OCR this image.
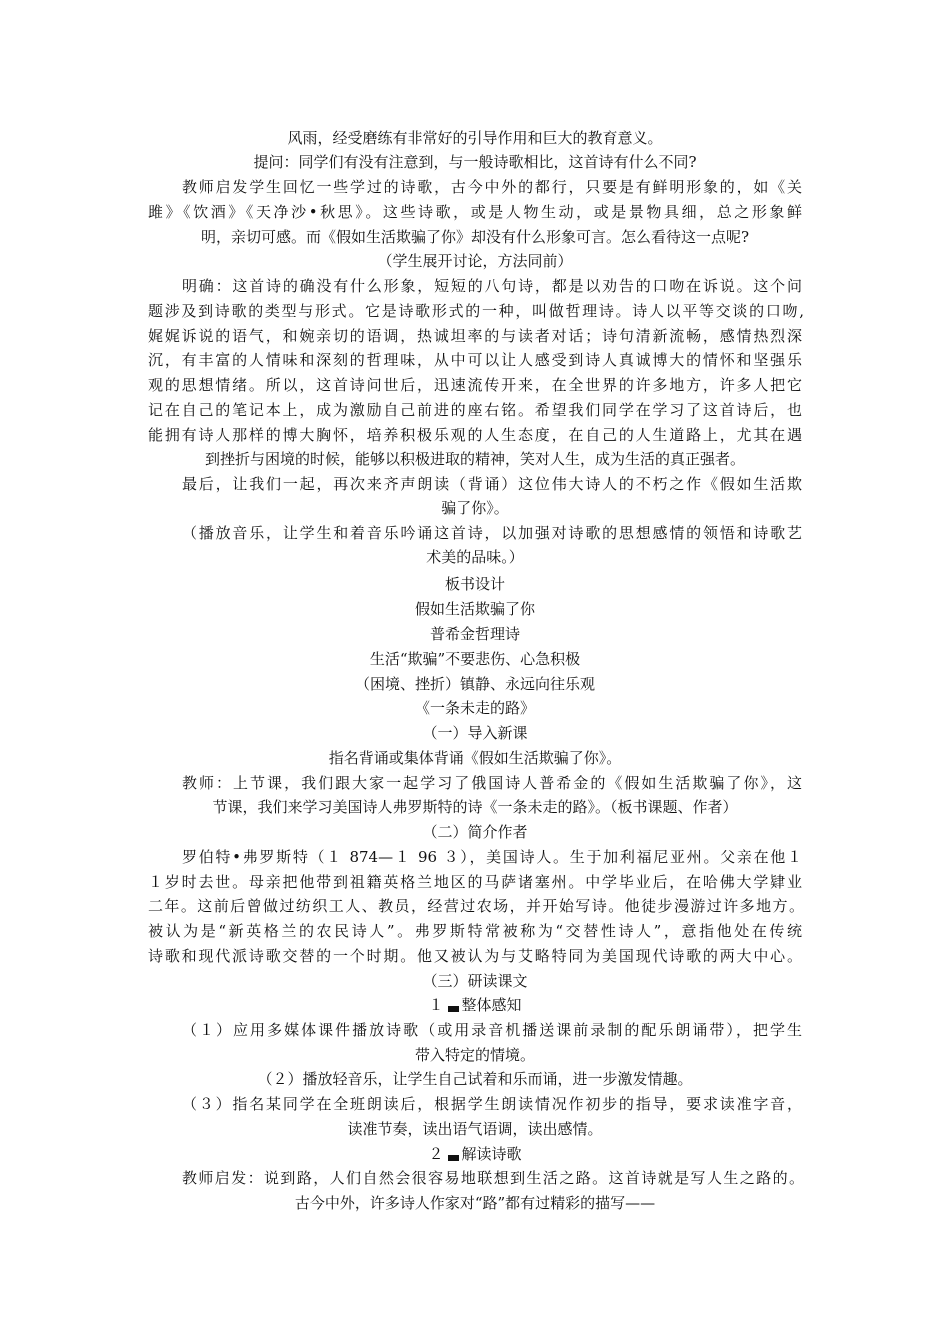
风雨，经受磨练有非常好的引导作用和巨大的教育意义。
提问：同学们有没有注意到，与一般诗歌相比，这首诗有什么不同?
教师启发学生回忆一些学过的诗歌，古今中外的都行，只要是有鲜明形象的，如《关
雎》《饮酒》《天净沙•秋思》。这些诗歌，或是人物生动，或是景物具细，总之形象鲜
明，亲切可感。而《假如生活欺骗了你》却没有什么形象可言。怎么看待这一点呢?
（学生展开讨论，方法同前）
明确：这首诗的确没有什么形象，短短的八句诗，都是以劝告的口吻在诉说。这个问
题涉及到诗歌的类型与形式。它是诗歌形式的一种，叫做哲理诗。诗人以平等交谈的口吻,
娓娓诉说的语气，和婉亲切的语调，热诚坦率的与读者对话；诗句清新流畅，感情热烈深
沉，有丰富的人情味和深刻的哲理味，从中可以让人感受到诗人真诚博大的情怀和坚强乐
观的思想情绪。所以，这首诗问世后，迅速流传开来，在全世界的许多地方，许多人把它
记在自己的笔记本上，成为激励自己前进的座右铭。希望我们同学在学习了这首诗后，也
能拥有诗人那样的博大胸怀，培养积极乐观的人生态度，在自己的人生道路上，尤其在遇
到挫折与困境的时候，能够以积极进取的精神，笑对人生，成为生活的真正强者。
最后，让我们一起，再次来齐声朗读（背诵）这位伟大诗人的不朽之作《假如生活欺
骗了你》。
（播放音乐，让学生和着音乐吟诵这首诗，以加强对诗歌的思想感情的领悟和诗歌艺
术美的品味。）
板书设计
假如生活欺骗了你
普希金哲理诗
生活“欺骗”不要悲伤、心急积极
（困境、挫折）镇静、永远向往乐观
《一条未走的路》
（一）导入新课
指名背诵或集体背诵《假如生活欺骗了你》。
教师：上节课，我们跟大家一起学习了俄国诗人普希金的《假如生活欺骗了你》，这
节课，我们来学习美国诗人弗罗斯特的诗《一条未走的路》。（板书课题、作者）
（二）简介作者
罗伯特•弗罗斯特（１ 874—１ 96 ３），美国诗人。生于加利福尼亚州。父亲在他１
１岁时去世。母亲把他带到祖籍英格兰地区的马萨诸塞州。中学毕业后，在哈佛大学肄业
二年。这前后曾做过纺织工人、教员，经营过农场，并开始写诗。他徒步漫游过许多地方。
被认为是“新英格兰的农民诗人”。弗罗斯特常被称为“交替性诗人”，意指他处在传统
诗歌和现代派诗歌交替的一个时期。他又被认为与艾略特同为美国现代诗歌的两大中心。
（三）研读课文
１ 整体感知
（１）应用多媒体课件播放诗歌（或用录音机播送课前录制的配乐朗诵带），把学生
带入特定的情境。
（２）播放轻音乐，让学生自己试着和乐而诵，进一步激发情趣。
（３）指名某同学在全班朗读后，根据学生朗读情况作初步的指导，要求读准字音，
读准节奏，读出语气语调，读出感情。
２ 解读诗歌
教师启发：说到路，人们自然会很容易地联想到生活之路。这首诗就是写人生之路的。
古今中外，许多诗人作家对“路”都有过精彩的描写——
